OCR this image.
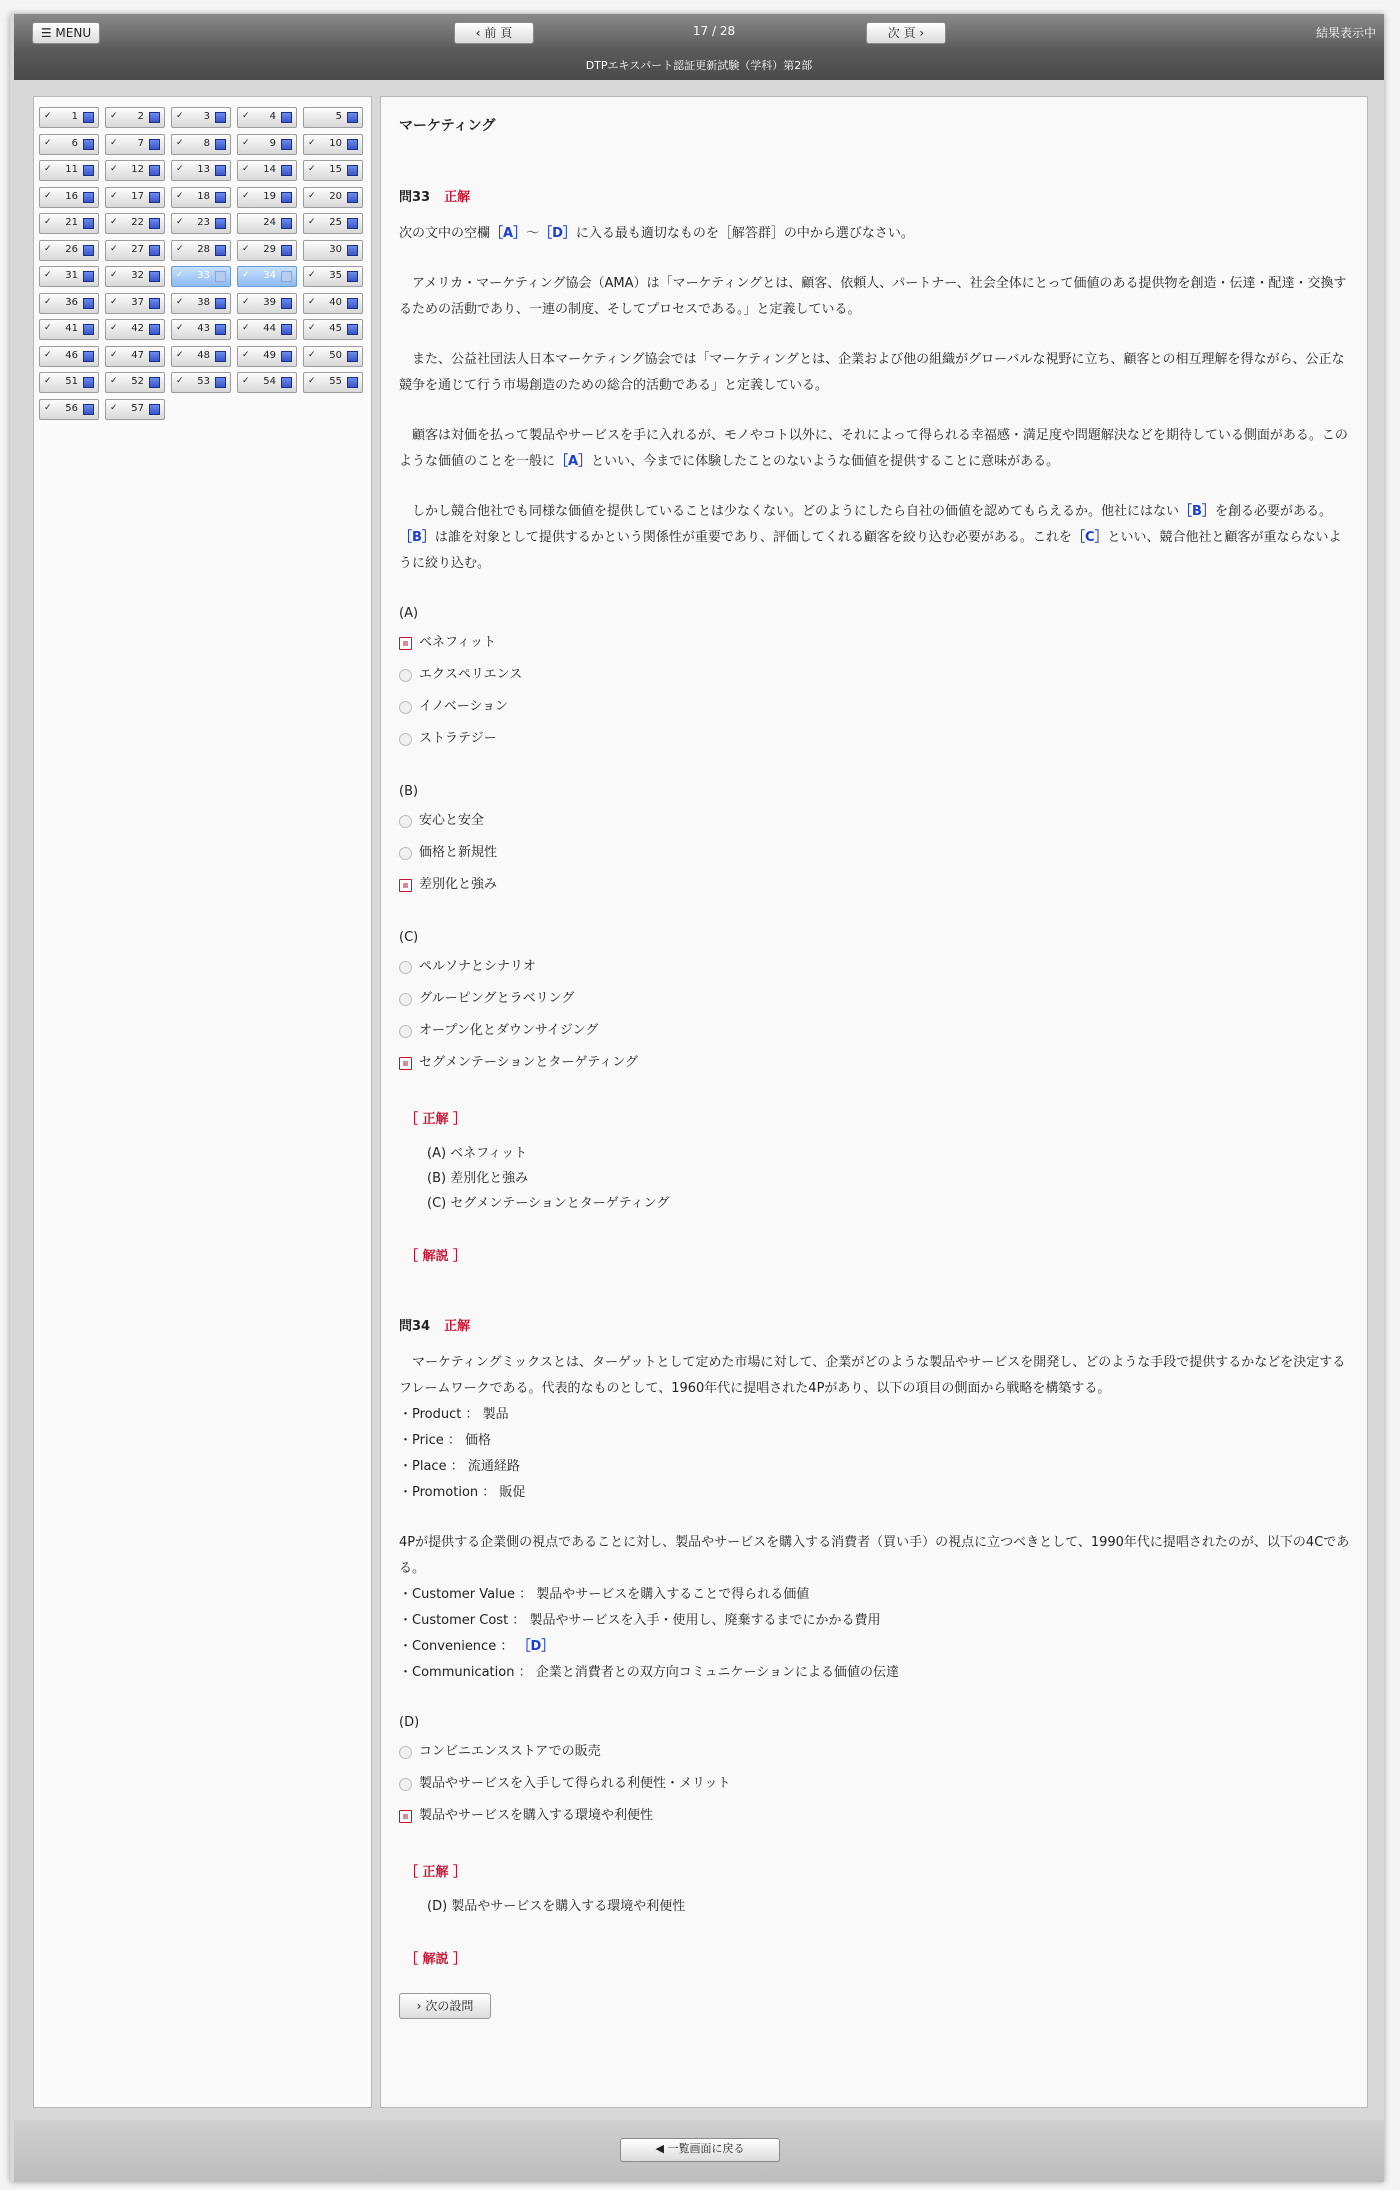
☰ MENU	‹ 前 頁	17 / 28	次 頁 ›	結果表示中
DTPエキスパート認証更新試験（学科）第2部
✓	1	✓	2	✓	3	✓	4	5
✓	6	✓	7	✓	8	✓	9	✓	10
✓	11	✓	12	✓	13	✓	14	✓	15
✓	16	✓	17	✓	18	✓	19	✓	20
✓	21	✓	22	✓	23	24	✓	25
✓	26	✓	27	✓	28	✓	29	30
✓	31	✓	32	✓	33	✓	34	✓	35
✓	36	✓	37	✓	38	✓	39	✓	40
✓	41	✓	42	✓	43	✓	44	✓	45
✓	46	✓	47	✓	48	✓	49	✓	50
✓	51	✓	52	✓	53	✓	54	✓	55
✓	56	✓	57
マーケティング
問33 正解

次の文中の空欄［A］〜［D］に入る最も適切なものを［解答群］の中から選びなさい。

アメリカ・マーケティング協会（AMA）は「マーケティングとは、顧客、依頼人、パートナー、社会全体にとって価値のある提供物を創造・伝達・配達・交換するための活動であり、一連の制度、そしてプロセスである。」と定義している。

また、公益社団法人日本マーケティング協会では「マーケティングとは、企業および他の組織がグローバルな視野に立ち、顧客との相互理解を得ながら、公正な競争を通じて行う市場創造のための総合的活動である」と定義している。

顧客は対価を払って製品やサービスを手に入れるが、モノやコト以外に、それによって得られる幸福感・満足度や問題解決などを期待している側面がある。このような価値のことを一般に［A］といい、今までに体験したことのないような価値を提供することに意味がある。

しかし競合他社でも同様な価値を提供していることは少なくない。どのようにしたら自社の価値を認めてもらえるか。他社にはない［B］を創る必要がある。［B］は誰を対象として提供するかという関係性が重要であり、評価してくれる顧客を絞り込む必要がある。これを［C］といい、競合他社と顧客が重ならないように絞り込む。

(A)
ベネフィット
エクスペリエンス
イノベーション
ストラテジー
(B)
安心と安全
価格と新規性
差別化と強み
(C)
ペルソナとシナリオ
グルーピングとラベリング
オープン化とダウンサイジング
セグメンテーションとターゲティング
［ 正解 ］
(A) ベネフィット
(B) 差別化と強み
(C) セグメンテーションとターゲティング
［ 解説 ］
問34 正解

マーケティングミックスとは、ターゲットとして定めた市場に対して、企業がどのような製品やサービスを開発し、どのような手段で提供するかなどを決定するフレームワークである。代表的なものとして、1960年代に提唱された4Pがあり、以下の項目の側面から戦略を構築する。

・Product ： 製品
・Price ： 価格
・Place ： 流通経路
・Promotion ： 販促

4Pが提供する企業側の視点であることに対し、製品やサービスを購入する消費者（買い手）の視点に立つべきとして、1990年代に提唱されたのが、以下の4Cである。

・Customer Value ： 製品やサービスを購入することで得られる価値
・Customer Cost ： 製品やサービスを入手・使用し、廃棄するまでにかかる費用
・Convenience ： ［D］
・Communication ： 企業と消費者との双方向コミュニケーションによる価値の伝達
(D)
コンビニエンスストアでの販売
製品やサービスを入手して得られる利便性・メリット
製品やサービスを購入する環境や利便性
［ 正解 ］
(D) 製品やサービスを購入する環境や利便性
［ 解説 ］
› 次の設問
◀ 一覧画面に戻る
